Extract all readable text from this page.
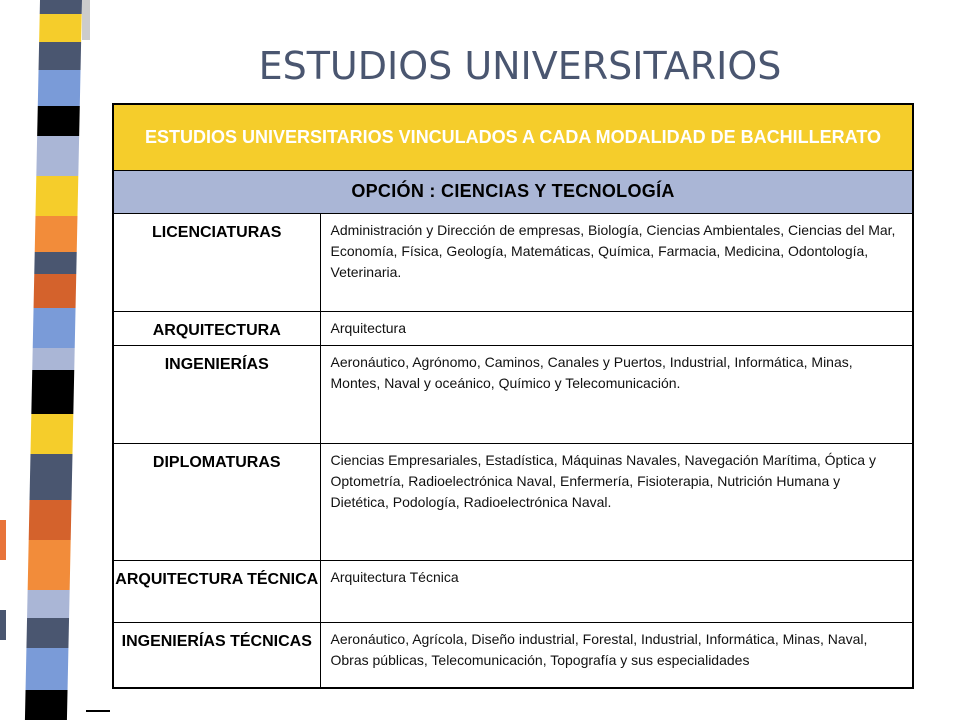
ESTUDIOS UNIVERSITARIOS
ESTUDIOS UNIVERSITARIOS VINCULADOS A CADA MODALIDAD DE BACHILLERATO	
OPCIÓN : CIENCIAS Y TECNOLOGÍA	
LICENCIATURAS	Administración y Dirección de empresas, Biología, Ciencias Ambientales, Ciencias del Mar, Economía, Física, Geología, Matemáticas, Química, Farmacia, Medicina, Odontología, Veterinaria.
ARQUITECTURA	Arquitectura
INGENIERÍAS	Aeronáutico, Agrónomo, Caminos, Canales y Puertos, Industrial, Informática, Minas, Montes, Naval y oceánico, Químico y Telecomunicación.
DIPLOMATURAS	Ciencias Empresariales, Estadística, Máquinas Navales, Navegación Marítima, Óptica y Optometría, Radioelectrónica Naval, Enfermería, Fisioterapia, Nutrición Humana y Dietética, Podología, Radioelectrónica Naval.
ARQUITECTURA TÉCNICA	Arquitectura Técnica
INGENIERÍAS TÉCNICAS	Aeronáutico, Agrícola, Diseño industrial, Forestal, Industrial, Informática, Minas, Naval, Obras públicas, Telecomunicación, Topografía y sus especialidades
